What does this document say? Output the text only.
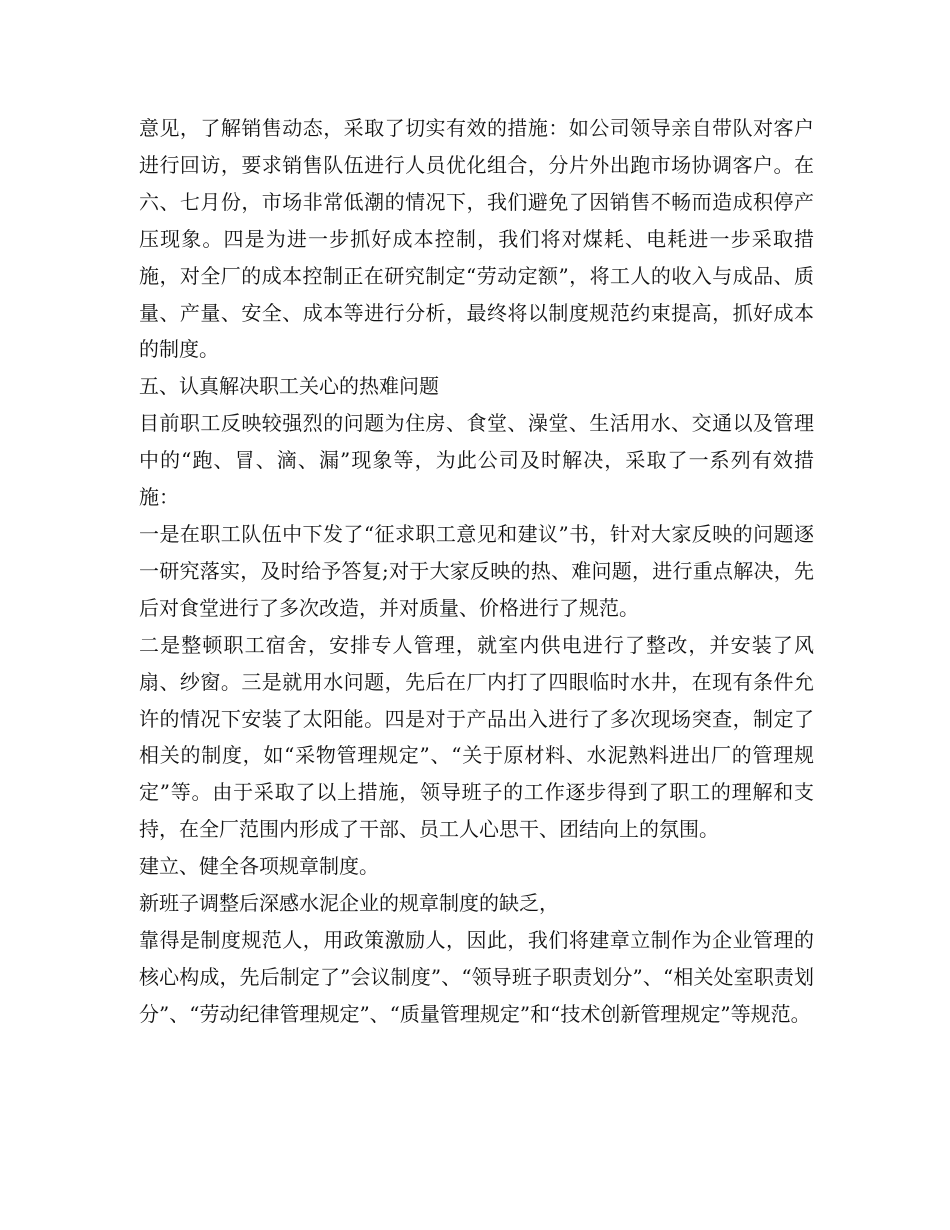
意见，了解销售动态，采取了切实有效的措施：如公司领导亲自带队对客户进行回访，要求销售队伍进行人员优化组合，分片外出跑市场协调客户。在六、七月份，市场非常低潮的情况下，我们避免了因销售不畅而造成积停产压现象。四是为进一步抓好成本控制，我们将对煤耗、电耗进一步采取措施，对全厂的成本控制正在研究制定“劳动定额”，将工人的收入与成品、质量、产量、安全、成本等进行分析，最终将以制度规范约束提高，抓好成本的制度。

五、认真解决职工关心的热难问题

目前职工反映较强烈的问题为住房、食堂、澡堂、生活用水、交通以及管理中的“跑、冒、滴、漏”现象等，为此公司及时解决，采取了一系列有效措施：

一是在职工队伍中下发了“征求职工意见和建议”书，针对大家反映的问题逐一研究落实，及时给予答复;对于大家反映的热、难问题，进行重点解决，先后对食堂进行了多次改造，并对质量、价格进行了规范。

二是整顿职工宿舍，安排专人管理，就室内供电进行了整改，并安装了风扇、纱窗。三是就用水问题，先后在厂内打了四眼临时水井，在现有条件允许的情况下安装了太阳能。四是对于产品出入进行了多次现场突查，制定了相关的制度，如“采物管理规定”、“关于原材料、水泥熟料进出厂的管理规定”等。由于采取了以上措施，领导班子的工作逐步得到了职工的理解和支持，在全厂范围内形成了干部、员工人心思干、团结向上的氛围。

建立、健全各项规章制度。

新班子调整后深感水泥企业的规章制度的缺乏，

靠得是制度规范人，用政策激励人，因此，我们将建章立制作为企业管理的核心构成，先后制定了”会议制度”、“领导班子职责划分”、“相关处室职责划分”、“劳动纪律管理规定”、“质量管理规定”和“技术创新管理规定”等规范。
